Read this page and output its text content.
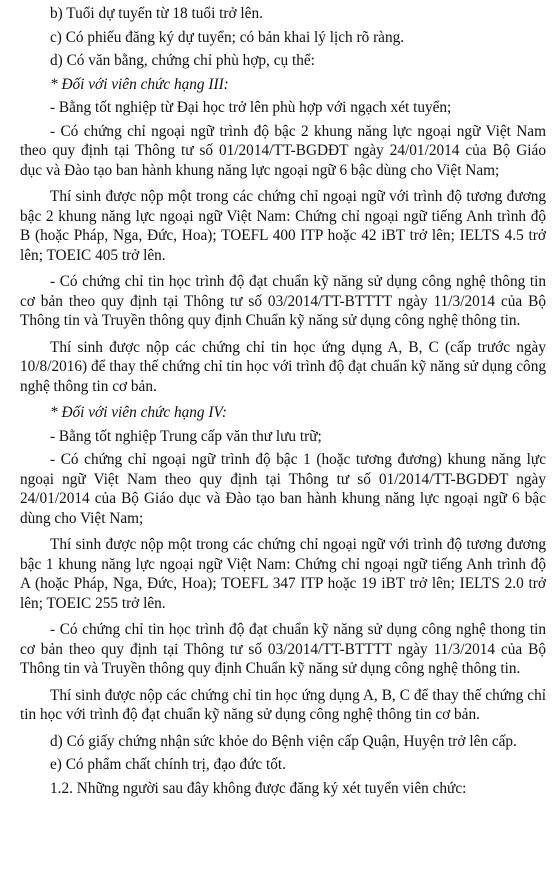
b) Tuổi dự tuyển từ 18 tuổi trở lên.

c) Có phiếu đăng ký dự tuyển; có bản khai lý lịch rõ ràng.

d) Có văn bằng, chứng chỉ phù hợp, cụ thể:

* Đối với viên chức hạng III:

- Bằng tốt nghiệp từ Đại học trở lên phù hợp với ngạch xét tuyển;

- Có chứng chỉ ngoại ngữ trình độ bậc 2 khung năng lực ngoại ngữ Việt Nam theo quy định tại Thông tư số 01/2014/TT-BGDĐT ngày 24/01/2014 của Bộ Giáo dục và Đào tạo ban hành khung năng lực ngoại ngữ 6 bậc dùng cho Việt Nam;

Thí sinh được nộp một trong các chứng chỉ ngoại ngữ với trình độ tương đương bậc 2 khung năng lực ngoại ngữ Việt Nam: Chứng chỉ ngoại ngữ tiếng Anh trình độ B (hoặc Pháp, Nga, Đức, Hoa); TOEFL 400 ITP hoặc 42 iBT trở lên; IELTS 4.5 trở lên; TOEIC 405 trở lên.

- Có chứng chỉ tin học trình độ đạt chuẩn kỹ năng sử dụng công nghệ thông tin cơ bản theo quy định tại Thông tư số 03/2014/TT-BTTTT ngày 11/3/2014 của Bộ Thông tin và Truyền thông quy định Chuẩn kỹ năng sử dụng công nghệ thông tin.

Thí sinh được nộp các chứng chỉ tin học ứng dụng A, B, C (cấp trước ngày 10/8/2016) để thay thế chứng chỉ tin học với trình độ đạt chuẩn kỹ năng sử dụng công nghệ thông tin cơ bản.

* Đối với viên chức hạng IV:

- Bằng tốt nghiệp Trung cấp văn thư lưu trữ;

- Có chứng chỉ ngoại ngữ trình độ bậc 1 (hoặc tương đương) khung năng lực ngoại ngữ Việt Nam theo quy định tại Thông tư số 01/2014/TT-BGDĐT ngày 24/01/2014 của Bộ Giáo dục và Đào tạo ban hành khung năng lực ngoại ngữ 6 bậc dùng cho Việt Nam;

Thí sinh được nộp một trong các chứng chỉ ngoại ngữ với trình độ tương đương bậc 1 khung năng lực ngoại ngữ Việt Nam: Chứng chỉ ngoại ngữ tiếng Anh trình độ A (hoặc Pháp, Nga, Đức, Hoa); TOEFL 347 ITP hoặc 19 iBT trở lên; IELTS 2.0 trở lên; TOEIC 255 trở lên.

- Có chứng chỉ tin học trình độ đạt chuẩn kỹ năng sử dụng công nghệ thong tin cơ bản theo quy định tại Thông tư số 03/2014/TT-BTTTT ngày 11/3/2014 của Bộ Thông tin và Truyền thông quy định Chuẩn kỹ năng sử dụng công nghệ thông tin.

Thí sinh được nộp các chứng chỉ tin học ứng dụng A, B, C để thay thế chứng chỉ tin học với trình độ đạt chuẩn kỹ năng sử dụng công nghệ thông tin cơ bản.

d) Có giấy chứng nhận sức khỏe do Bệnh viện cấp Quận, Huyện trở lên cấp.

e) Có phẩm chất chính trị, đạo đức tốt.

1.2. Những người sau đây không được đăng ký xét tuyển viên chức:
